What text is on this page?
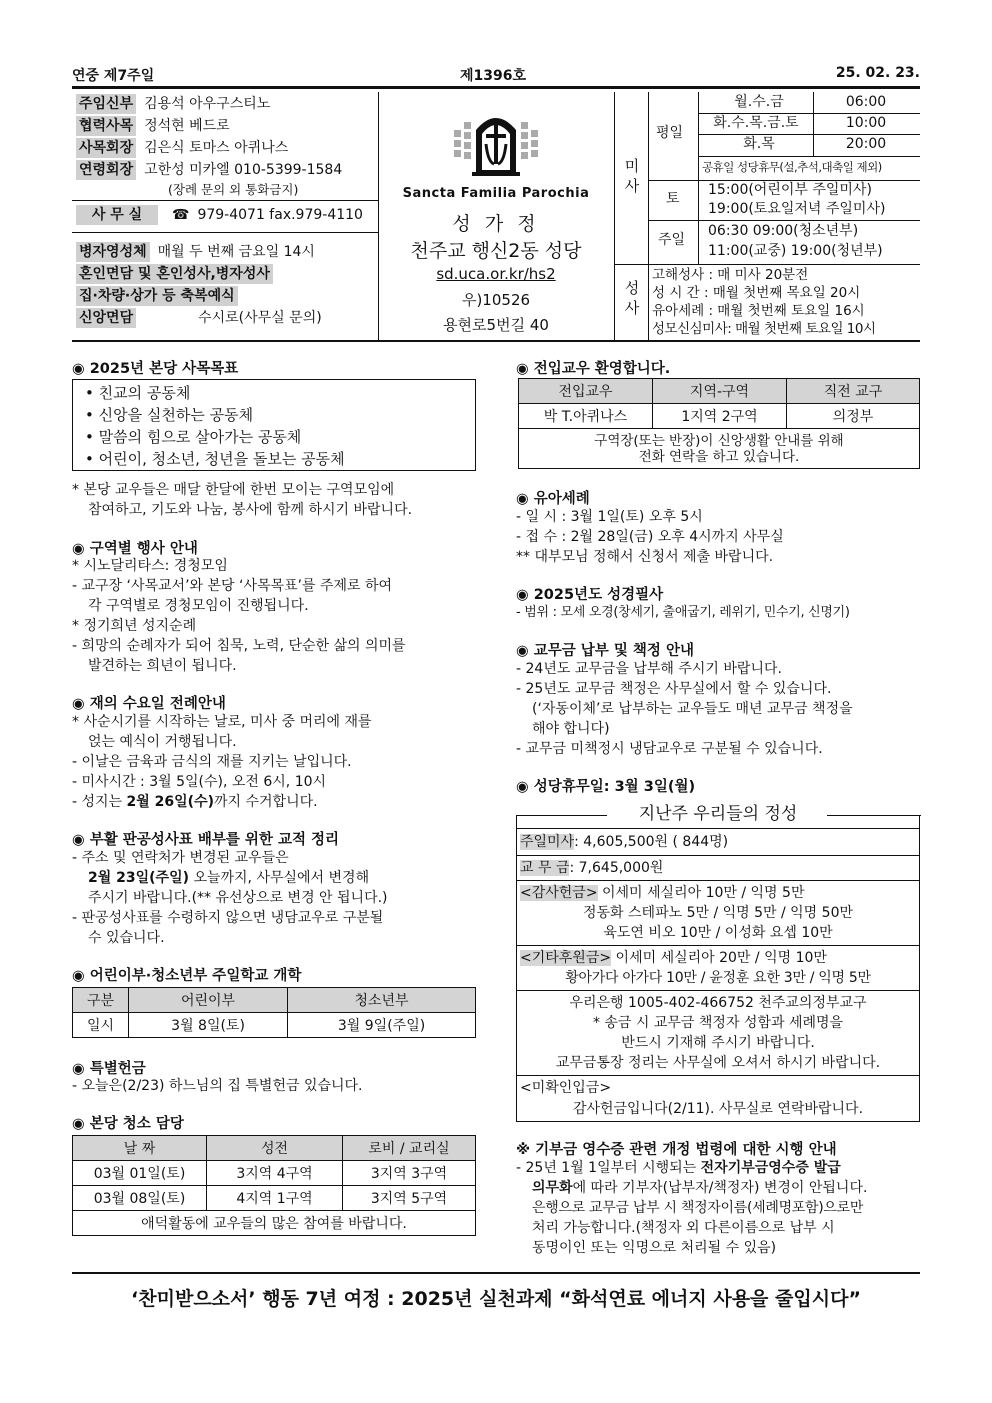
연중 제7주일	제1396호	25. 02. 23.
주임신부 김용석 아우구스티노
협력사목 정석현 베드로
사목회장 김은식 토마스 아퀴나스
연령회장 고한성 미카엘 010-5399-1584
(장례 문의 외 통화금지)
사 무 실 ☎ 979-4071 fax.979-4110
병자영성체 매월 두 번째 금요일 14시
혼인면담 및 혼인성사,병자성사
집·차량·상가 등 축복예식
신앙면담	수시로(사무실 문의)
Sancta Familia Parochia
성 가 정
천주교 행신2동 성당
sd.uca.or.kr/hs2
우)10526
용현로5번길 40
미사
평일
월.수.금	06:00
화.수.목.금.토	10:00
화.목	20:00
공휴일 성당휴무(설,추석,대축일 제외)
토
15:00(어린이부 주일미사)
19:00(토요일저녁 주일미사)
주일
06:30 09:00(청소년부)
11:00(교중) 19:00(청년부)
성사
고해성사 : 매 미사 20분전
성 시 간 : 매월 첫번째 목요일 20시
유아세례 : 매월 첫번째 토요일 16시
성모신심미사: 매월 첫번째 토요일 10시
◉ 2025년 본당 사목목표
• 친교의 공동체
• 신앙을 실천하는 공동체
• 말씀의 힘으로 살아가는 공동체
• 어린이, 청소년, 청년을 돌보는 공동체
* 본당 교우들은 매달 한달에 한번 모이는 구역모임에
참여하고, 기도와 나눔, 봉사에 함께 하시기 바랍니다.
◉ 구역별 행사 안내
* 시노달리타스: 경청모임
- 교구장 ‘사목교서’와 본당 ‘사목목표’를 주제로 하여
각 구역별로 경청모임이 진행됩니다.
* 정기희년 성지순례
- 희망의 순례자가 되어 침묵, 노력, 단순한 삶의 의미를
발견하는 희년이 됩니다.
◉ 재의 수요일 전례안내
* 사순시기를 시작하는 날로, 미사 중 머리에 재를
얹는 예식이 거행됩니다.
- 이날은 금육과 금식의 재를 지키는 날입니다.
- 미사시간 : 3월 5일(수), 오전 6시, 10시
- 성지는 2월 26일(수)까지 수거합니다.
◉ 부활 판공성사표 배부를 위한 교적 정리
- 주소 및 연락처가 변경된 교우들은
2월 23일(주일) 오늘까지, 사무실에서 변경해
주시기 바랍니다.(** 유선상으로 변경 안 됩니다.)
- 판공성사표를 수령하지 않으면 냉담교우로 구분될
수 있습니다.
◉ 어린이부·청소년부 주일학교 개학
구분	어린이부	청소년부
일시	3월 8일(토)	3월 9일(주일)
◉ 특별헌금
- 오늘은(2/23) 하느님의 집 특별헌금 있습니다.
◉ 본당 청소 담당
날 짜	성전	로비 / 교리실
03월 01일(토)	3지역 4구역	3지역 3구역
03월 08일(토)	4지역 1구역	3지역 5구역
애덕활동에 교우들의 많은 참여를 바랍니다.		
◉ 전입교우 환영합니다.
전입교우	지역-구역	직전 교구
박 T.아퀴나스	1지역 2구역	의정부

구역장(또는 반장)이 신앙생활 안내를 위해
전화 연락을 하고 있습니다.		
◉ 유아세례
- 일 시 : 3월 1일(토) 오후 5시
- 접 수 : 2월 28일(금) 오후 4시까지 사무실
** 대부모님 정해서 신청서 제출 바랍니다.
◉ 2025년도 성경필사
- 범위 : 모세 오경(창세기, 출애굽기, 레위기, 민수기, 신명기)
◉ 교무금 납부 및 책정 안내
- 24년도 교무금을 납부해 주시기 바랍니다.
- 25년도 교무금 책정은 사무실에서 할 수 있습니다.
(‘자동이체’로 납부하는 교우들도 매년 교무금 책정을
해야 합니다)
- 교무금 미책정시 냉담교우로 구분될 수 있습니다.
◉ 성당휴무일: 3월 3일(월)
지난주 우리들의 정성
주일미사: 4,605,500원 ( 844명)
교 무 금: 7,645,000원
<감사헌금> 이세미 세실리아 10만 / 익명 5만
정동화 스테파노 5만 / 익명 5만 / 익명 50만
육도연 비오 10만 / 이성화 요셉 10만
<기타후원금> 이세미 세실리아 20만 / 익명 10만
황아가다 아가다 10만 / 윤정훈 요한 3만 / 익명 5만
우리은행 1005-402-466752 천주교의정부교구
* 송금 시 교무금 책정자 성함과 세례명을
반드시 기재해 주시기 바랍니다.
교무금통장 정리는 사무실에 오셔서 하시기 바랍니다.
<미확인입금>
감사헌금입니다(2/11). 사무실로 연락바랍니다.
※ 기부금 영수증 관련 개정 법령에 대한 시행 안내
- 25년 1월 1일부터 시행되는 전자기부금영수증 발급
의무화에 따라 기부자(납부자/책정자) 변경이 안됩니다.
은행으로 교무금 납부 시 책정자이름(세례명포함)으로만
처리 가능합니다.(책정자 외 다른이름으로 납부 시
동명이인 또는 익명으로 처리될 수 있음)
‘찬미받으소서’ 행동 7년 여정 : 2025년 실천과제 “화석연료 에너지 사용을 줄입시다”
